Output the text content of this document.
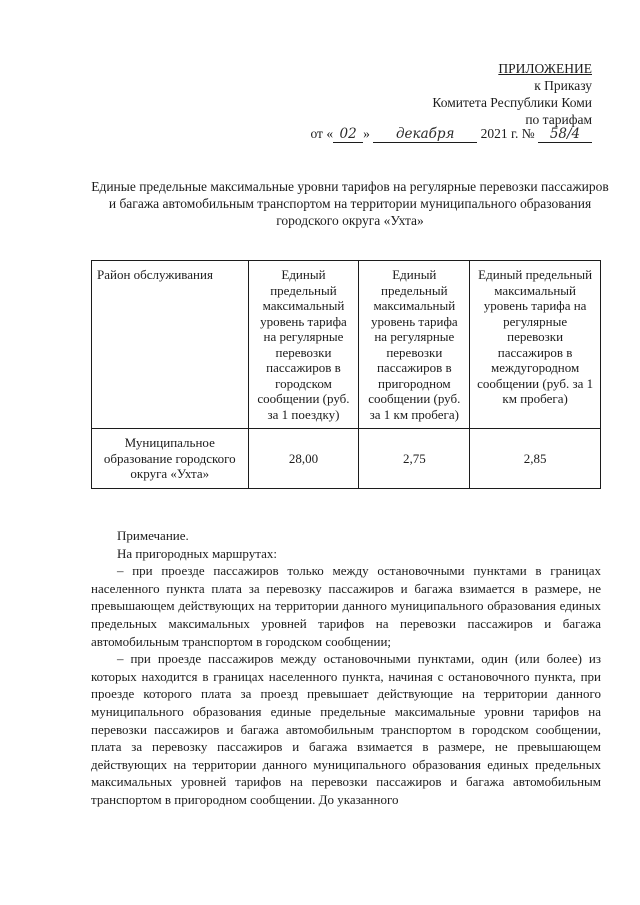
ПРИЛОЖЕНИЕ
к Приказу
Комитета Республики Коми
по тарифам
от « 02 » декабря 2021 г. № 58/4
Единые предельные максимальные уровни тарифов на регулярные перевозки пассажиров и багажа автомобильным транспортом на территории муниципального образования городского округа «Ухта»
Район обслуживания	Единый предельный максимальный уровень тарифа на регулярные перевозки пассажиров в городском сообщении (руб. за 1 поездку)	Единый предельный максимальный уровень тарифа на регулярные перевозки пассажиров в пригородном сообщении (руб. за 1 км пробега)	Единый предельный максимальный уровень тарифа на регулярные перевозки пассажиров в междугородном сообщении (руб. за 1 км пробега)
Муниципальное образование городского округа «Ухта»	28,00	2,75	2,85

Примечание.

На пригородных маршрутах:

– при проезде пассажиров только между остановочными пунктами в границах населенного пункта плата за перевозку пассажиров и багажа взимается в размере, не превышающем действующих на территории данного муниципального образования единых предельных максимальных уровней тарифов на перевозки пассажиров и багажа автомобильным транспортом в городском сообщении;

– при проезде пассажиров между остановочными пунктами, один (или более) из которых находится в границах населенного пункта, начиная с остановочного пункта, при проезде которого плата за проезд превышает действующие на территории данного муниципального образования единые предельные максимальные уровни тарифов на перевозки пассажиров и багажа автомобильным транспортом в городском сообщении, плата за перевозку пассажиров и багажа взимается в размере, не превышающем действующих на территории данного муниципального образования единых предельных максимальных уровней тарифов на перевозки пассажиров и багажа автомобильным транспортом в пригородном сообщении. До указанного
